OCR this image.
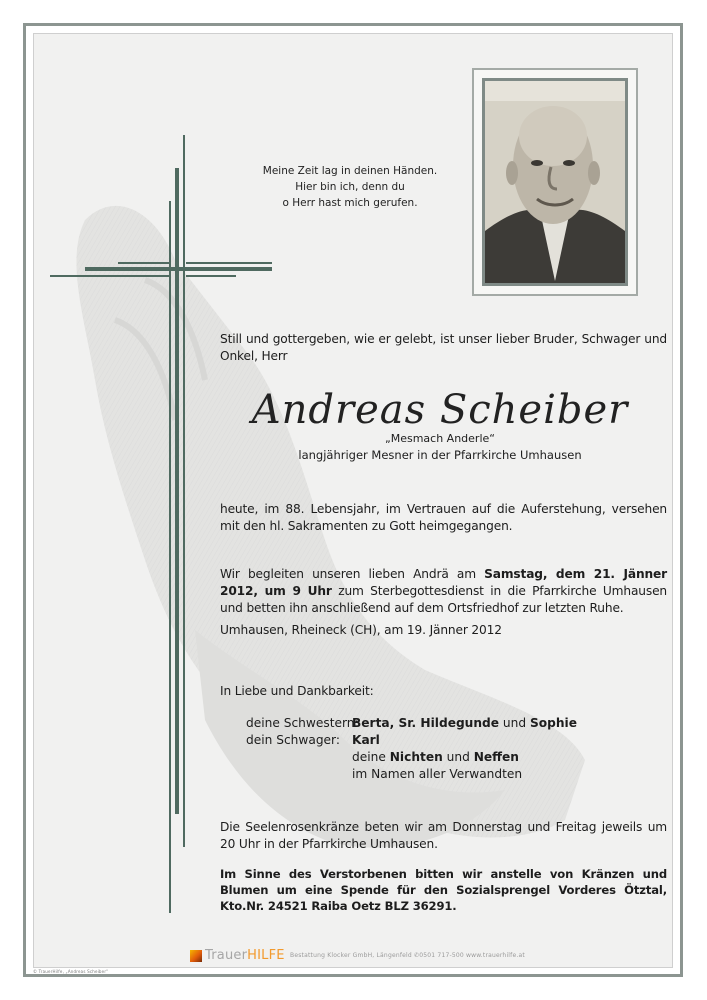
Meine Zeit lag in deinen Händen.
Hier bin ich, denn du
o Herr hast mich gerufen.
Still und gottergeben, wie er gelebt, ist unser lieber Bruder, Schwager und Onkel, Herr
Andreas Scheiber
„Mesmach Anderle“
langjähriger Mesner in der Pfarrkirche Umhausen
heute, im 88. Lebensjahr, im Vertrauen auf die Auferstehung, versehen mit den hl. Sakramenten zu Gott heimgegangen.
Wir begleiten unseren lieben Andrä am Samstag, dem 21. Jänner 2012, um 9 Uhr zum Sterbegottesdienst in die Pfarrkirche Umhausen und betten ihn anschließend auf dem Ortsfriedhof zur letzten Ruhe.
Umhausen, Rheineck (CH), am 19. Jänner 2012
In Liebe und Dankbarkeit:
deine Schwestern:
Berta, Sr. Hildegunde und Sophie
dein Schwager: Karl
deine Nichten und Neffen
im Namen aller Verwandten
Die Seelenrosenkränze beten wir am Donnerstag und Freitag jeweils um 20 Uhr in der Pfarrkirche Umhausen.
Im Sinne des Verstorbenen bitten wir anstelle von Kränzen und Blumen um eine Spende für den Sozialsprengel Vorderes Ötztal, Kto.Nr. 24521 Raiba Oetz BLZ 36291.
TrauerHILFE Bestattung Klocker GmbH, Längenfeld ✆0501 717-500 www.trauerhilfe.at
© TrauerHilfe, „Andreas Scheiber“
